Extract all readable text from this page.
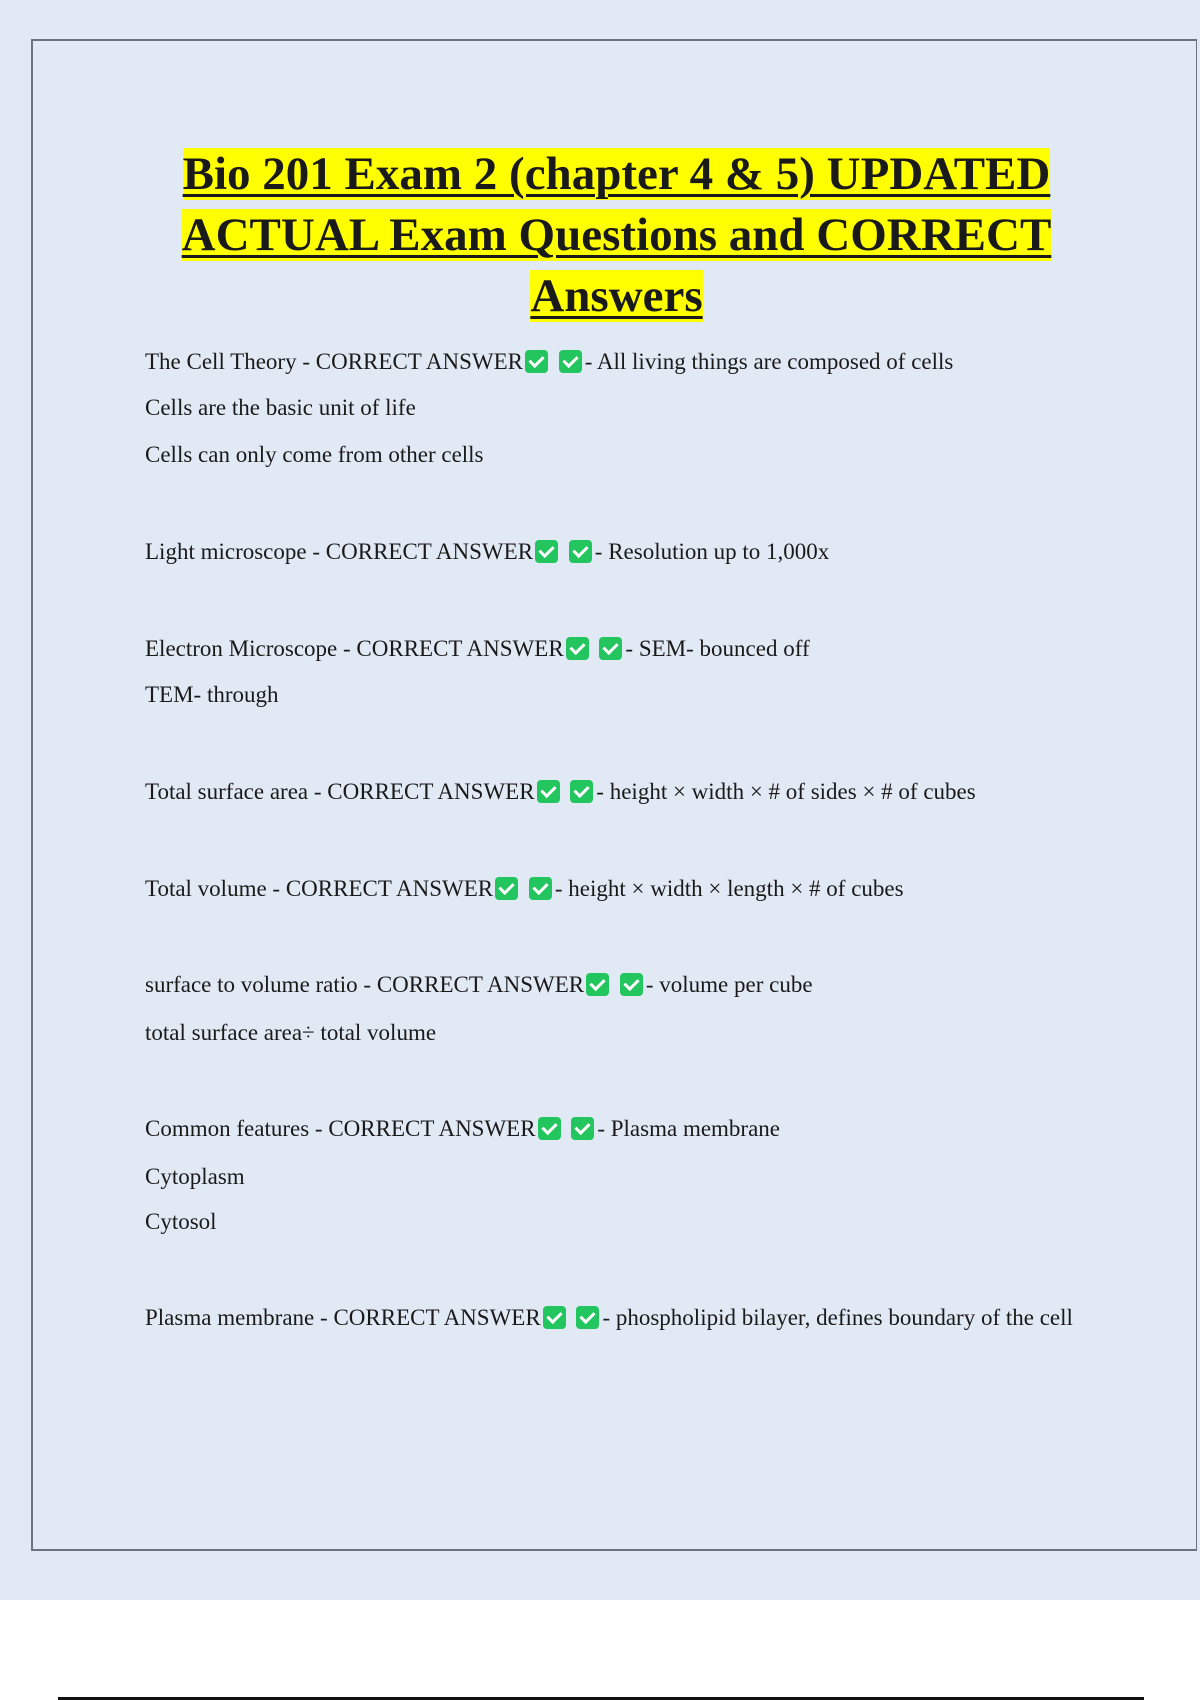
Bio 201 Exam 2 (chapter 4 & 5) UPDATED ACTUAL Exam Questions and CORRECT Answers

The Cell Theory - CORRECT ANSWER	- All living things are composed of cells

Cells are the basic unit of life

Cells can only come from other cells

Light microscope - CORRECT ANSWER	- Resolution up to 1,000x

Electron Microscope - CORRECT ANSWER	- SEM- bounced off

TEM- through

Total surface area - CORRECT ANSWER	- height × width × # of sides × # of cubes

Total volume - CORRECT ANSWER	- height × width × length × # of cubes

surface to volume ratio - CORRECT ANSWER	- volume per cube

total surface area÷ total volume

Common features - CORRECT ANSWER	- Plasma membrane

Cytoplasm

Cytosol

Plasma membrane - CORRECT ANSWER	- phospholipid bilayer, defines boundary of the cell
